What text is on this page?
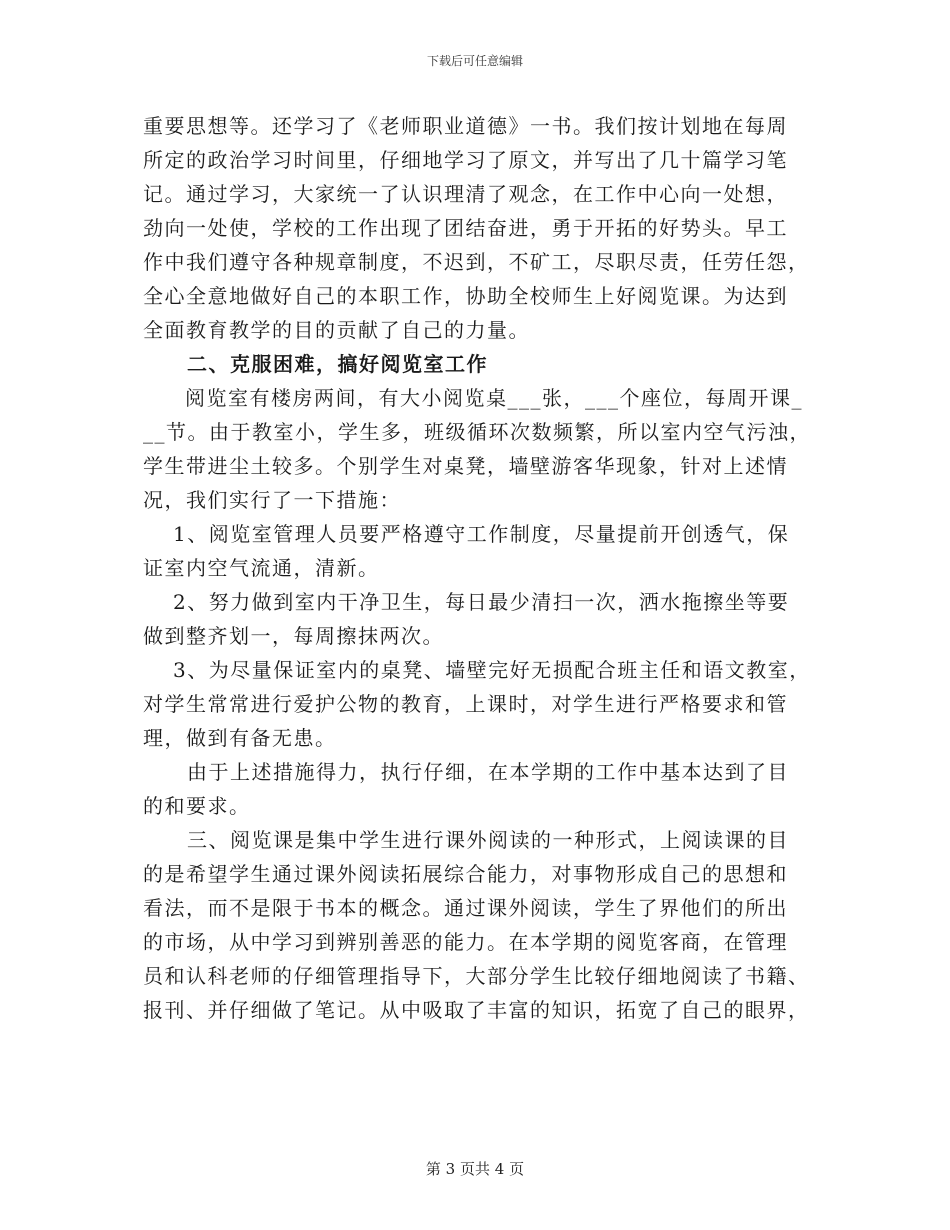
下载后可任意编辑
重要思想等。还学习了《老师职业道德》一书。我们按计划地在每周
所定的政治学习时间里，仔细地学习了原文，并写出了几十篇学习笔
记。通过学习，大家统一了认识理清了观念，在工作中心向一处想，
劲向一处使，学校的工作出现了团结奋进，勇于开拓的好势头。早工
作中我们遵守各种规章制度，不迟到，不矿工，尽职尽责，任劳任怨，
全心全意地做好自己的本职工作，协助全校师生上好阅览课。为达到
全面教育教学的目的贡献了自己的力量。
二、克服困难，搞好阅览室工作
阅览室有楼房两间，有大小阅览桌___张，___个座位，每周开课_
__节。由于教室小，学生多，班级循环次数频繁，所以室内空气污浊，
学生带进尘土较多。个别学生对桌凳，墙壁游客华现象，针对上述情
况，我们实行了一下措施：
1、阅览室管理人员要严格遵守工作制度，尽量提前开创透气，保
证室内空气流通，清新。
2、努力做到室内干净卫生，每日最少清扫一次，洒水拖擦坐等要
做到整齐划一，每周擦抹两次。
3、为尽量保证室内的桌凳、墙壁完好无损配合班主任和语文教室，
对学生常常进行爱护公物的教育，上课时，对学生进行严格要求和管
理，做到有备无患。
由于上述措施得力，执行仔细，在本学期的工作中基本达到了目
的和要求。
三、阅览课是集中学生进行课外阅读的一种形式，上阅读课的目
的是希望学生通过课外阅读拓展综合能力，对事物形成自己的思想和
看法，而不是限于书本的概念。通过课外阅读，学生了界他们的所出
的市场，从中学习到辨别善恶的能力。在本学期的阅览客商，在管理
员和认科老师的仔细管理指导下，大部分学生比较仔细地阅读了书籍、
报刊、并仔细做了笔记。从中吸取了丰富的知识，拓宽了自己的眼界，
第 3 页共 4 页
